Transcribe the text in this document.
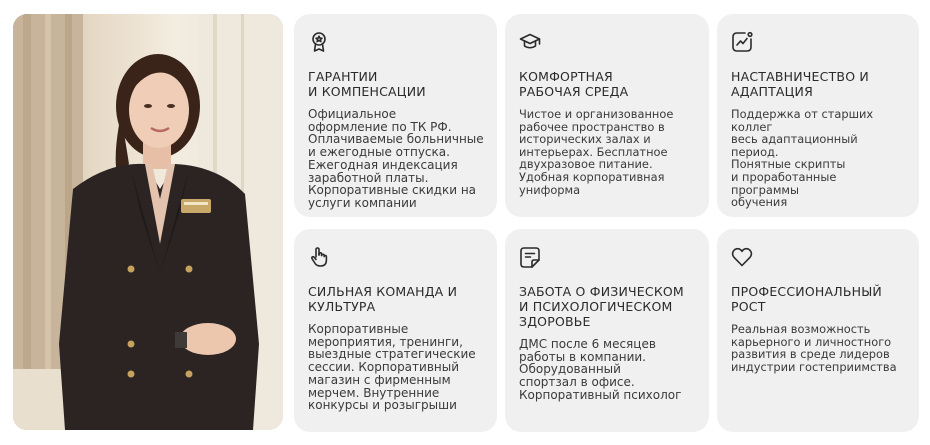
ГАРАНТИИ
И КОМПЕНСАЦИИ
Официальное
оформление по ТК РФ.
Оплачиваемые больничные
и ежегодные отпуска.
Ежегодная индексация
заработной платы.
Корпоративные скидки на
услуги компании
КОМФОРТНАЯ
РАБОЧАЯ СРЕДА
Чистое и организованное
рабочее пространство в
исторических залах и
интерьерах. Бесплатное
двухразовое питание.
Удобная корпоративная
униформа
НАСТАВНИЧЕСТВО И
АДАПТАЦИЯ
Поддержка от старших коллег
весь адаптационный период.
Понятные скрипты
и проработанные программы
обучения
СИЛЬНАЯ КОМАНДА И
КУЛЬТУРА
Корпоративные
мероприятия, тренинги,
выездные стратегические
сессии. Корпоративный
магазин с фирменным
мерчем. Внутренние
конкурсы и розыгрыши
ЗАБОТА О ФИЗИЧЕСКОМ
И ПСИХОЛОГИЧЕСКОМ
ЗДОРОВЬЕ
ДМС после 6 месяцев
работы в компании.
Оборудованный
спортзал в офисе.
Корпоративный психолог
ПРОФЕССИОНАЛЬНЫЙ
РОСТ
Реальная возможность
карьерного и личностного
развития в среде лидеров
индустрии гостеприимства
